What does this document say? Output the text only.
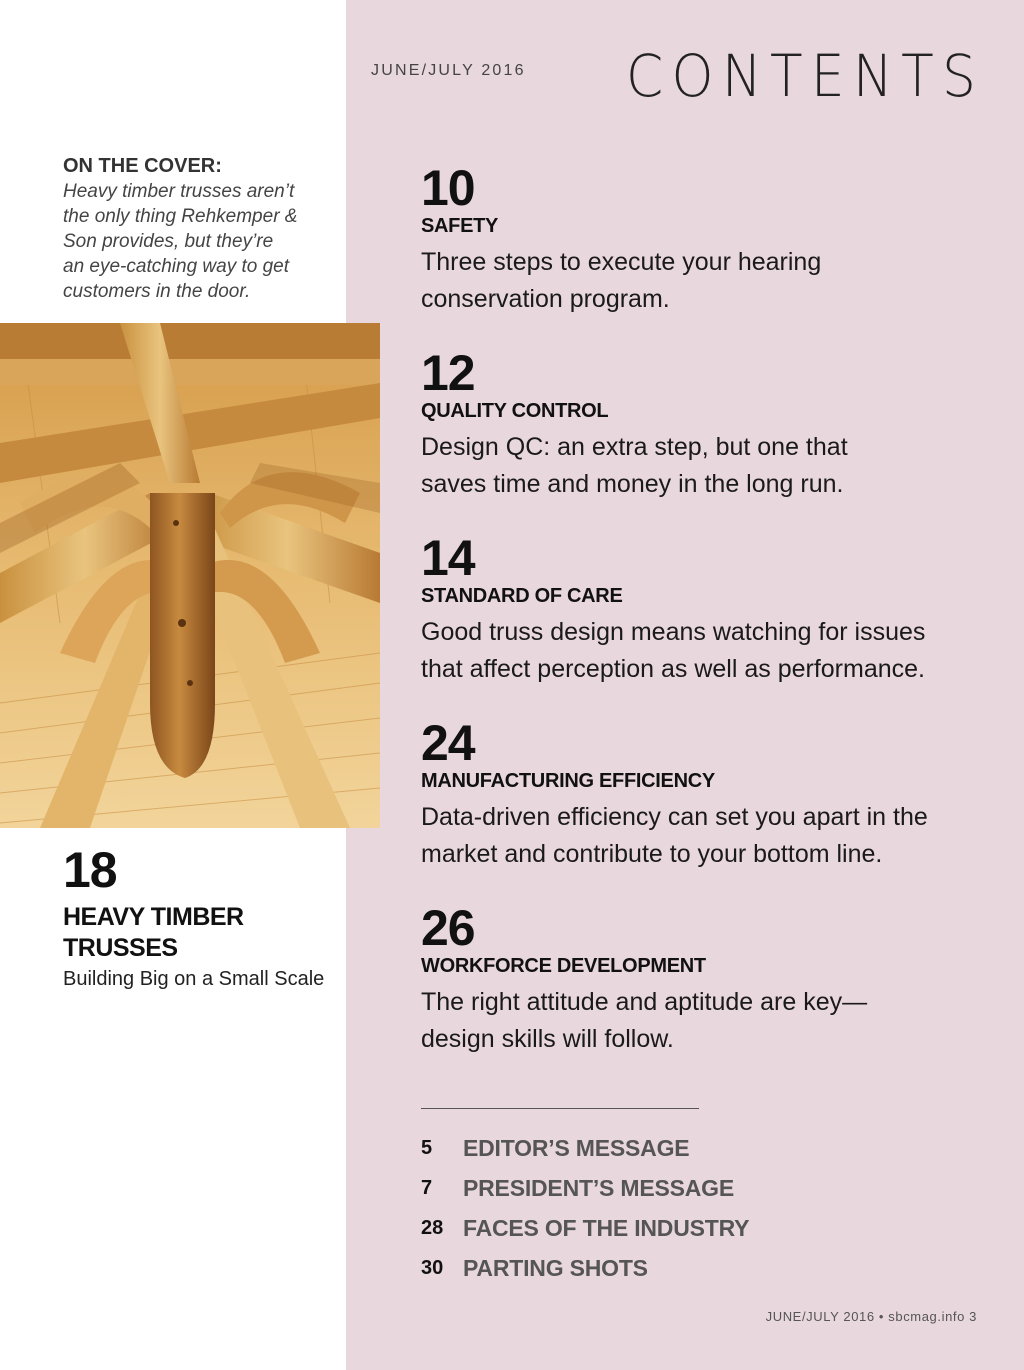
JUNE/JULY 2016 CONTENTS
ON THE COVER:
Heavy timber trusses aren’t
the only thing Rehkemper &
Son provides, but they’re
an eye-catching way to get
customers in the door.
18
HEAVY TIMBER
TRUSSES
Building Big on a Small Scale
10
SAFETY
Three steps to execute your hearing
conservation program.
12
QUALITY CONTROL
Design QC: an extra step, but one that
saves time and money in the long run.
14
STANDARD OF CARE
Good truss design means watching for issues
that affect perception as well as performance.
24
MANUFACTURING EFFICIENCY
Data-driven efficiency can set you apart in the
market and contribute to your bottom line.
26
WORKFORCE DEVELOPMENT
The right attitude and aptitude are key—
design skills will follow.
5 EDITOR’S MESSAGE
7 PRESIDENT’S MESSAGE
28 FACES OF THE INDUSTRY
30 PARTING SHOTS
JUNE/JULY 2016 • sbcmag.info 3
